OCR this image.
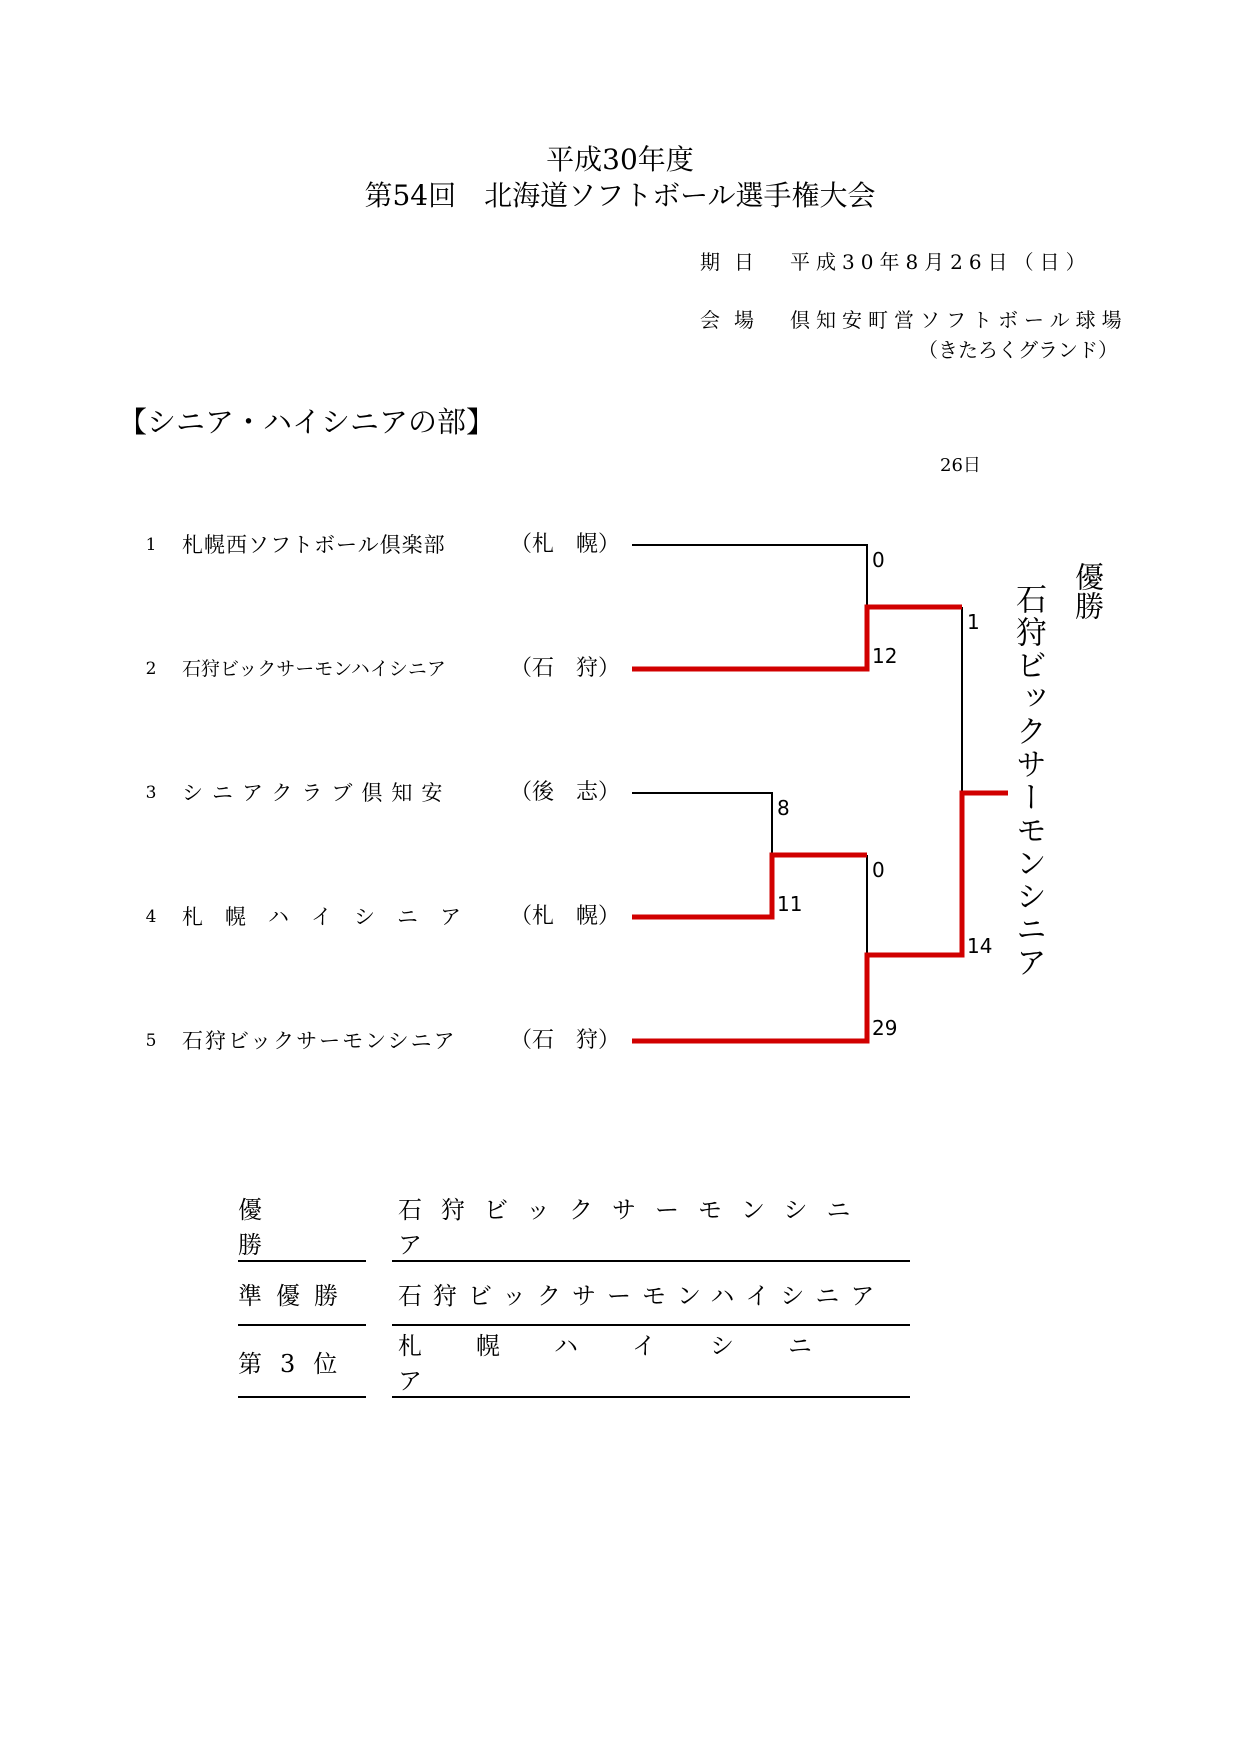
平成30年度
第54回　北海道ソフトボール選手権大会
期日 平成30年8月26日（日）
会場 倶知安町営ソフトボール球場
（きたろくグランド）
【シニア・ハイシニアの部】
26日
1	札幌西ソフトボール倶楽部	（札　幌）
2	石狩ビックサーモンハイシニア	（石　狩）
3	シニアクラブ倶知安	（後　志）
4	札幌ハイシニア （札　幌）
5	石狩ビックサーモンシニア （石　狩）
0
12
8
11
0
29
1
14 石狩ビックサーモンシニア 優勝
優勝		石狩ビックサーモンシニア

準優勝		石狩ビックサーモンハイシニア

第3位		札幌ハイシニア
